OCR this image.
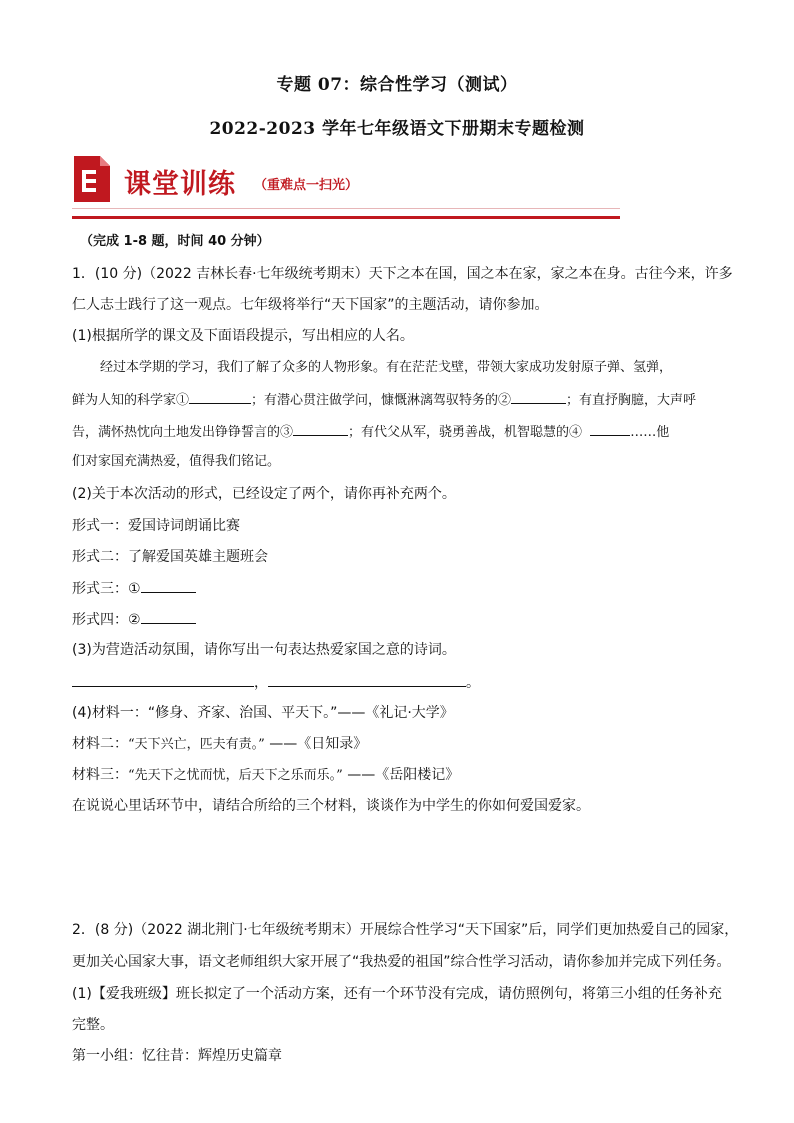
专题 07：综合性学习（测试）
2022-2023 学年七年级语文下册期末专题检测
课堂训练 （重难点一扫光）
（完成 1-8 题，时间 40 分钟）
1．(10 分)（2022 吉林长春·七年级统考期末）天下之本在国，国之本在家，家之本在身。古往今来，许多
仁人志士践行了这一观点。七年级将举行“天下国家”的主题活动，请你参加。
(1)根据所学的课文及下面语段提示，写出相应的人名。
经过本学期的学习，我们了解了众多的人物形象。有在茫茫戈壁，带领大家成功发射原子弹、氢弹，
鲜为人知的科学家①	；有潜心贯注做学问，慷慨淋漓驾驭特务的②	；有直抒胸臆，大声呼
告，满怀热忱向土地发出铮铮誓言的③	；有代父从军，骁勇善战，机智聪慧的④	……他
们对家国充满热爱，值得我们铭记。
(2)关于本次活动的形式，已经设定了两个，请你再补充两个。
形式一：爱国诗词朗诵比赛
形式二：了解爱国英雄主题班会
形式三：①
形式四：②
(3)为营造活动氛围，请你写出一句表达热爱家国之意的诗词。
，	。
(4)材料一：“修身、齐家、治国、平天下。”——《礼记·大学》
材料二：“天下兴亡，匹夫有责。” ——《日知录》
材料三：“先天下之忧而忧，后天下之乐而乐。” ——《岳阳楼记》
在说说心里话环节中，请结合所给的三个材料，谈谈作为中学生的你如何爱国爱家。
2．(8 分)（2022 湖北荆门·七年级统考期末）开展综合性学习“天下国家”后，同学们更加热爱自己的园家，
更加关心国家大事，语文老师组织大家开展了“我热爱的祖国”综合性学习活动，请你参加并完成下列任务。
(1)【爱我班级】班长拟定了一个活动方案，还有一个环节没有完成，请仿照例句，将第三小组的任务补充
完整。
第一小组：忆往昔：辉煌历史篇章
